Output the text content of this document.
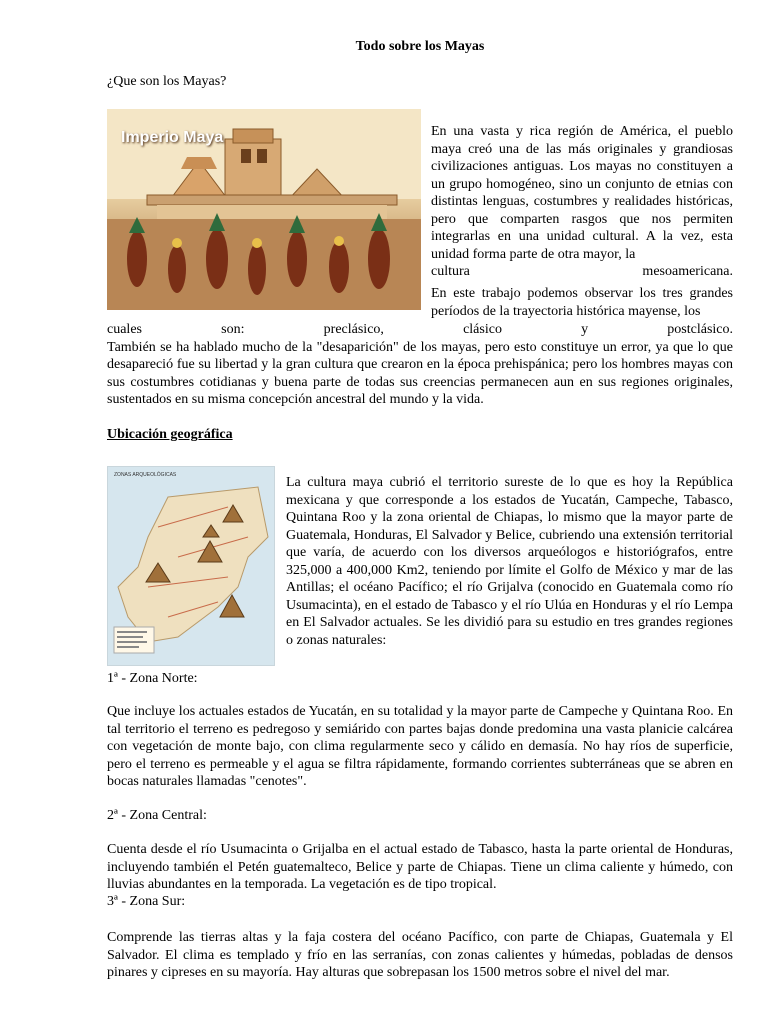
Todo sobre los Mayas
¿Que son los Mayas?
Imperio Maya	En una vasta y rica región de América, el pueblo maya creó una de las más originales y grandiosas civilizaciones antiguas. Los mayas no constituyen a un grupo homogéneo, sino un conjunto de etnias con distintas lenguas, costumbres y realidades históricas, pero que comparten rasgos que nos permiten integrarlas en una unidad cultural. A la vez, esta unidad forma parte de otra mayor, la
cultura mesoamericana.
En este trabajo podemos observar los tres grandes períodos de la trayectoria histórica mayense, los
cuales son: preclásico, clásico y postclásico.
También se ha hablado mucho de la "desaparición" de los mayas, pero esto constituye un error, ya que lo que desapareció fue su libertad y la gran cultura que crearon en la época prehispánica; pero los hombres mayas con sus costumbres cotidianas y buena parte de todas sus creencias permanecen aun en sus regiones originales, sustentados en su misma concepción ancestral del mundo y la vida.
Ubicación geográfica
ZONAS ARQUEOLÓGICAS	La cultura maya cubrió el territorio sureste de lo que es hoy la República mexicana y que corresponde a los estados de Yucatán, Campeche, Tabasco, Quintana Roo y la zona oriental de Chiapas, lo mismo que la mayor parte de Guatemala, Honduras, El Salvador y Belice, cubriendo una extensión territorial que varía, de acuerdo con los diversos arqueólogos e historiógrafos, entre 325,000 a 400,000 Km2, teniendo por límite el Golfo de México y mar de las Antillas; el océano Pacífico; el río Grijalva (conocido en Guatemala como río Usumacinta), en el estado de Tabasco y el río Ulúa en Honduras y el río Lempa en El Salvador actuales. Se les dividió para su estudio en tres grandes regiones o zonas naturales:
1ª - Zona Norte:
Que incluye los actuales estados de Yucatán, en su totalidad y la mayor parte de Campeche y Quintana Roo. En tal territorio el terreno es pedregoso y semiárido con partes bajas donde predomina una vasta planicie calcárea con vegetación de monte bajo, con clima regularmente seco y cálido en demasía. No hay ríos de superficie, pero el terreno es permeable y el agua se filtra rápidamente, formando corrientes subterráneas que se abren en bocas naturales llamadas "cenotes".
2ª - Zona Central:
Cuenta desde el río Usumacinta o Grijalba en el actual estado de Tabasco, hasta la parte oriental de Honduras, incluyendo también el Petén guatemalteco, Belice y parte de Chiapas. Tiene un clima caliente y húmedo, con lluvias abundantes en la temporada. La vegetación es de tipo tropical.
3ª - Zona Sur:
Comprende las tierras altas y la faja costera del océano Pacífico, con parte de Chiapas, Guatemala y El Salvador. El clima es templado y frío en las serranías, con zonas calientes y húmedas, pobladas de densos pinares y cipreses en su mayoría. Hay alturas que sobrepasan los 1500 metros sobre el nivel del mar.
